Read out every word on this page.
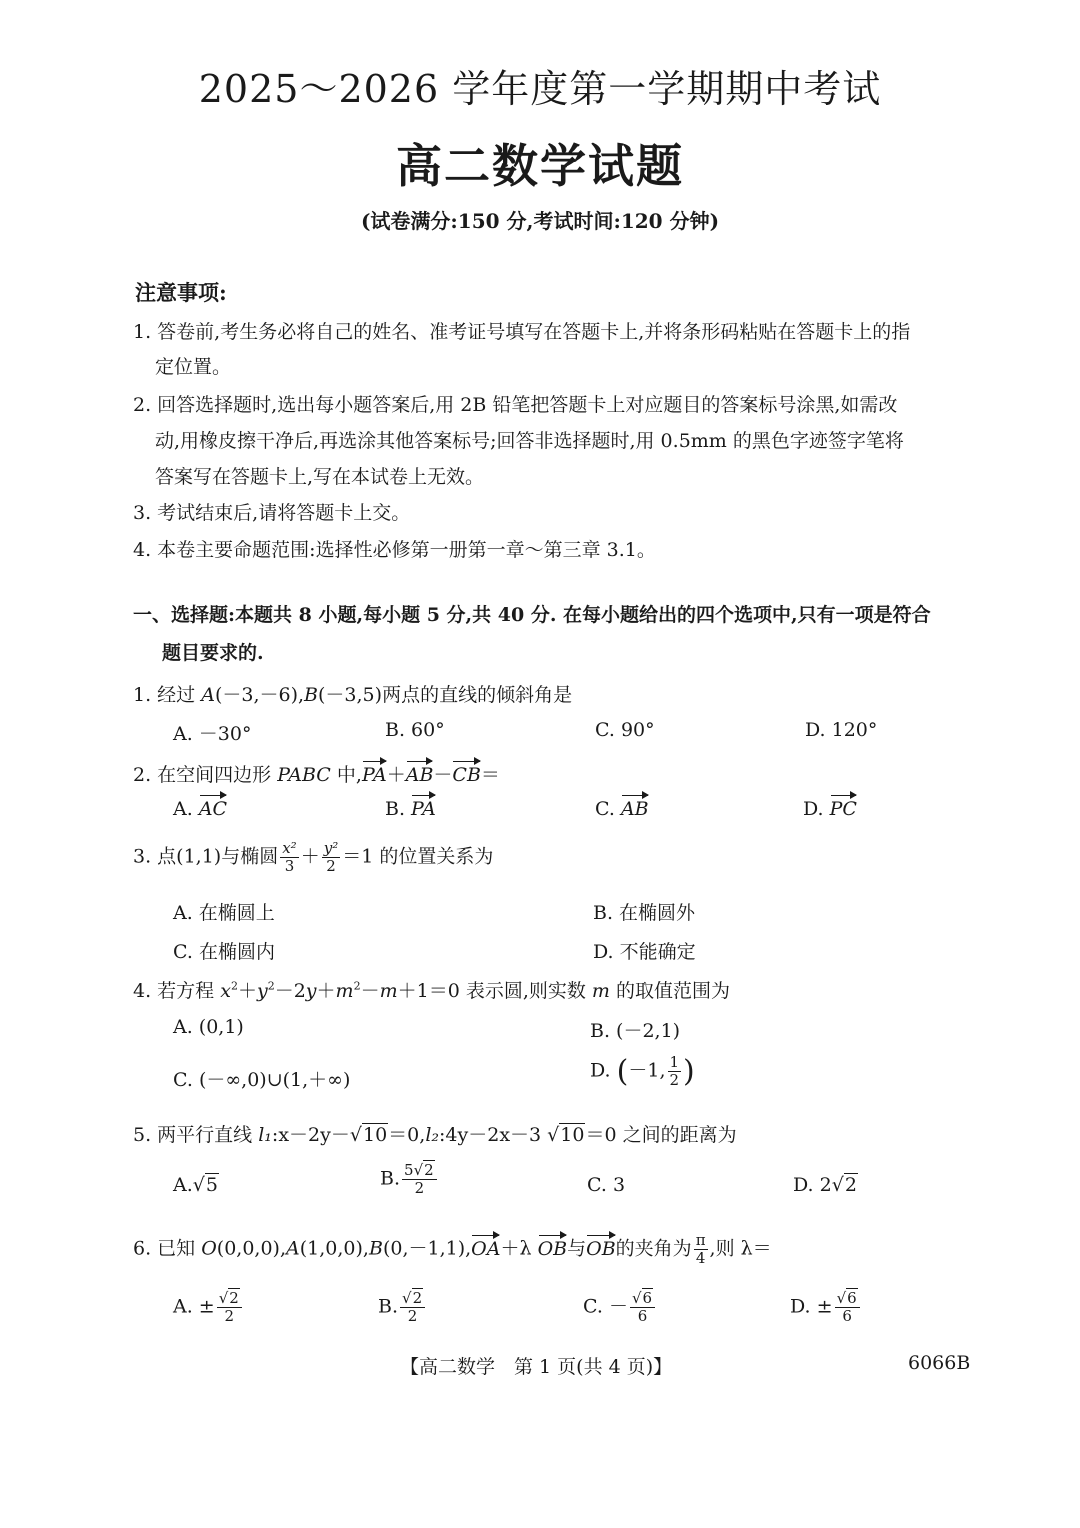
2025～2026 学年度第一学期期中考试
高二数学试题
(试卷满分:150 分,考试时间:120 分钟)
注意事项:
1. 答卷前,考生务必将自己的姓名、准考证号填写在答题卡上,并将条形码粘贴在答题卡上的指
定位置。
2. 回答选择题时,选出每小题答案后,用 2B 铅笔把答题卡上对应题目的答案标号涂黑,如需改
动,用橡皮擦干净后,再选涂其他答案标号;回答非选择题时,用 0.5mm 的黑色字迹签字笔将
答案写在答题卡上,写在本试卷上无效。
3. 考试结束后,请将答题卡上交。
4. 本卷主要命题范围:选择性必修第一册第一章～第三章 3.1。
一、选择题:本题共 8 小题,每小题 5 分,共 40 分. 在每小题给出的四个选项中,只有一项是符合
题目要求的.
1. 经过 A(－3,－6),B(－3,5)两点的直线的倾斜角是
A. －30°	B. 60°	C. 90°	D. 120°
2. 在空间四边形 PABC 中,PA＋AB－CB＝
A. AC	B. PA	C. AB	D. PC
3. 点(1,1)与椭圆 $\frac{\text{x²}}{3} + \frac{\text{y²}}{2} =1$ 的位置关系为
A. 在椭圆上	B. 在椭圆外
C. 在椭圆内	D. 不能确定
4. 若方程 $x^2+y^2-2y+m^2-m+1=0$ 表示圆,则实数 m 的取值范围为
A. (0,1)	B. (－2,1)
C. (－∞,0)∪(1,＋∞)	D. (－1, $\frac{1}{2}$ )
5. 两平行直线 l₁:x－2y－√10＝0,l₂:4y－2x－3 √10＝0 之间的距离为
A.√5	B. $\frac{5√2}{2}$	C. 3	D. 2√2
6. 已知 O(0,0,0),A(1,0,0),B(0,－1,1),OA＋λ OB与OB的夹角为 $\frac{\pi}{4}$ ,则 λ＝
A. ± $\frac{√2}{2}$	B. $\frac{√2}{2}$	C. － $\frac{√6}{6}$	D. ± $\frac{√6}{6}$
【高二数学　第 1 页(共 4 页)】	6066B
